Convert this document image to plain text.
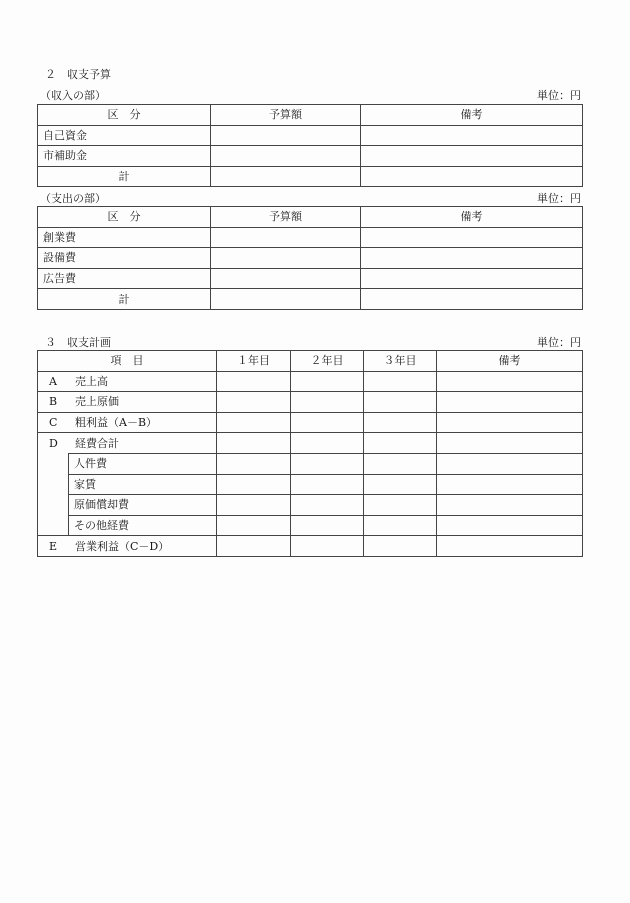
２　収支予算
（収入の部）	単位：円
区　分	予算額	備考
自己資金		
市補助金		
計		
（支出の部）	単位：円
区　分	予算額	備考
創業費		
設備費		
広告費		
計		
３　収支計画	単位：円
項　目		１年目	２年目	３年目	備考
A 売上高					
B 売上原価					
C 粗利益（A－B）					
D 経費合計					
	人件費				
	家賃				
	原価償却費				
	その他経費				
E 営業利益（C－D）					
